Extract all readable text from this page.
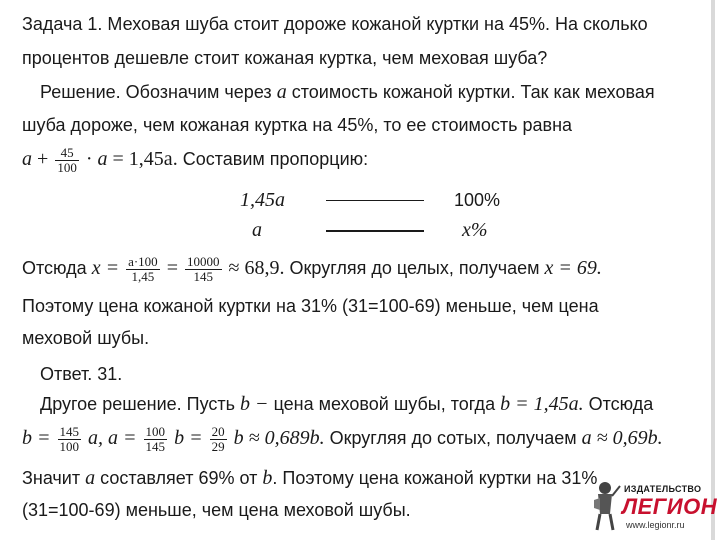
Задача 1. Меховая шуба стоит дороже кожаной куртки на 45%. На сколько
процентов дешевле стоит кожаная куртка, чем меховая шуба?
Решение. Обозначим через a стоимость кожаной куртки. Так как меховая
шуба дороже, чем кожаная куртка на 45%, то ее стоимость равна
$a + \frac{45}{100} \cdot a = 1,45a$. Составим пропорцию:
1,45a	100%
a	x%
Отсюда $x = \frac{a\cdot 100}{1,45} = \frac{10000}{145} \approx 68,9$. Округляя до целых, получаем x = 69.
Поэтому цена кожаной куртки на 31% (31=100-69) меньше, чем цена
меховой шубы.
Ответ. 31.
Другое решение. Пусть b − цена меховой шубы, тогда b = 1,45a. Отсюда
$b = \frac{145}{100} a$, $a = \frac{100}{145}$ $b = \frac{20}{29}$ b ≈ 0,689b. Округляя до сотых, получаем a ≈ 0,69b.
Значит a составляет 69% от b. Поэтому цена кожаной куртки на 31%
(31=100-69) меньше, чем цена меховой шубы.
ИЗДАТЕЛЬСТВО
ЛЕГИОН
www.legionr.ru
